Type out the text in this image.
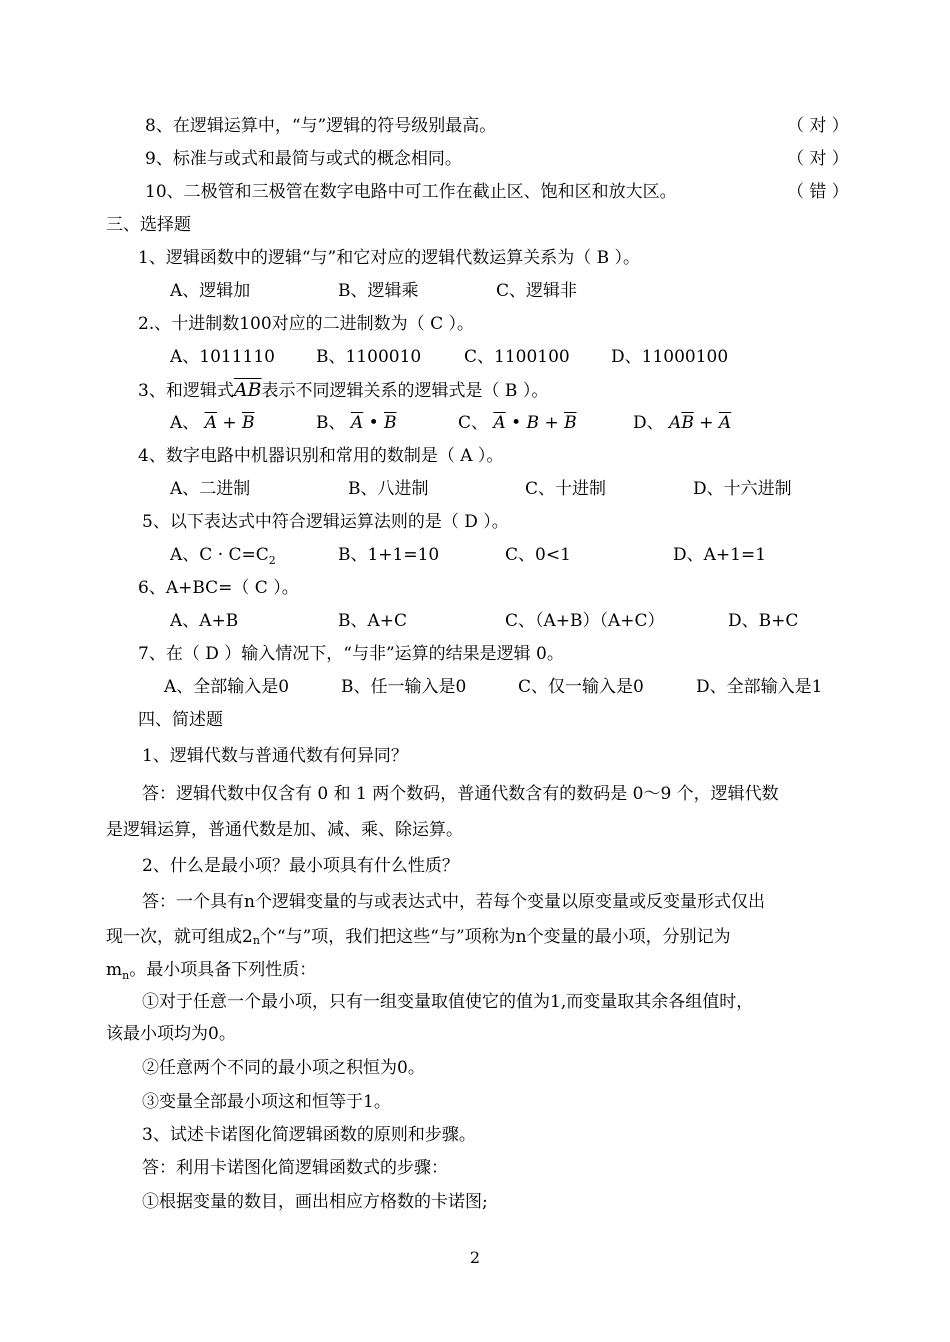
8、在逻辑运算中，“与”逻辑的符号级别最高。	（ 对 ）
9、标准与或式和最简与或式的概念相同。	（ 对 ）
10、二极管和三极管在数字电路中可工作在截止区、饱和区和放大区。	（ 错 ）
三、选择题
1、逻辑函数中的逻辑“与”和它对应的逻辑代数运算关系为（ B ）。
A、逻辑加	B、逻辑乘	C、逻辑非
2.、十进制数100对应的二进制数为（ C ）。
A、1011110 B、1100010	C、1100100 D、11000100
3、和逻辑式$\overline{AB}$表示不同逻辑关系的逻辑式是（ B ）。
A、 $\overline{A} + \overline{B}$	B、 $\overline{A}$ • $\overline{B}$	C、 $\overline{A}$ • $B + \overline{B}$	D、 $A\overline{B} + \overline{A}$
4、数字电路中机器识别和常用的数制是（ A ）。
A、二进制	B、八进制	C、十进制	D、十六进制
5、以下表达式中符合逻辑运算法则的是（ D ）。
A、$C \cdot C=C_2$	B、1+1=10	C、0<1	D、A+1=1
6、A+BC=（ C ）。
A、A+B	B、A+C	C、（A+B）（A+C）	D、B+C
7、在（ D ）输入情况下，“与非”运算的结果是逻辑 0。
A、全部输入是0	B、任一输入是0	C、仅一输入是0	D、全部输入是1
四、简述题
1、逻辑代数与普通代数有何异同？
答：逻辑代数中仅含有 0 和 1 两个数码，普通代数含有的数码是 0～9 个，逻辑代数
是逻辑运算，普通代数是加、减、乘、除运算。
2、什么是最小项？最小项具有什么性质？
答：一个具有n个逻辑变量的与或表达式中，若每个变量以原变量或反变量形式仅出
现一次，就可组成2n个“与”项，我们把这些“与”项称为n个变量的最小项，分别记为
$m_n$。最小项具备下列性质：
①对于任意一个最小项，只有一组变量取值使它的值为1,而变量取其余各组值时，
该最小项均为0。
②任意两个不同的最小项之积恒为0。
③变量全部最小项这和恒等于1。
3、试述卡诺图化简逻辑函数的原则和步骤。
答：利用卡诺图化简逻辑函数式的步骤：
①根据变量的数目，画出相应方格数的卡诺图;
2
